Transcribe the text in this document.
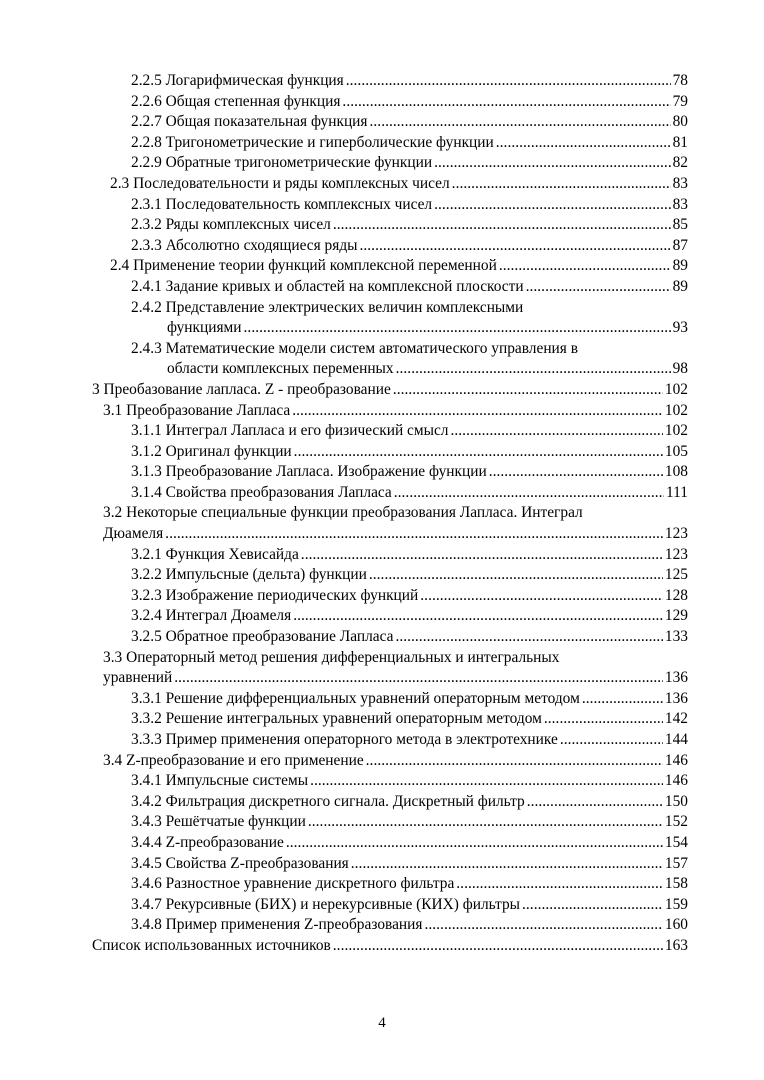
2.2.5 Логарифмическая функция . . .	78
2.2.6 Общая степенная функция . . .	79
2.2.7 Общая показательная функция . . .	80
2.2.8 Тригонометрические и гиперболические функции . . .	81
2.2.9 Обратные тригонометрические функции . . .	82
2.3 Последовательности и ряды комплексных чисел . . .	83
2.3.1 Последовательность комплексных чисел . . .	83
2.3.2 Ряды комплексных чисел . . .	85
2.3.3 Абсолютно сходящиеся ряды . . .	87
2.4 Применение теории функций комплексной переменной . . .	89
2.4.1 Задание кривых и областей на комплексной плоскости . . .	89
2.4.2 Представление электрических величин комплексными
функциями . . .	93
2.4.3 Математические модели систем автоматического управления в
области комплексных переменных . . .	98
3 Преобазование лапласа. Z - преобразование . . .	102
3.1 Преобразование Лапласа . . .	102
3.1.1 Интеграл Лапласа и его физический смысл . . .	102
3.1.2 Оригинал функции . . .	105
3.1.3 Преобразование Лапласа. Изображение функции . . .	108
3.1.4 Свойства преобразования Лапласа . . .	111
3.2 Некоторые специальные функции преобразования Лапласа. Интеграл
Дюамеля . . .	123
3.2.1 Функция Хевисайда . . .	123
3.2.2 Импульсные (дельта) функции . . .	125
3.2.3 Изображение периодических функций . . .	128
3.2.4 Интеграл Дюамеля . . .	129
3.2.5 Обратное преобразование Лапласа . . .	133
3.3 Операторный метод решения дифференциальных и интегральных
уравнений . . .	136
3.3.1 Решение дифференциальных уравнений операторным методом . . .	136
3.3.2 Решение интегральных уравнений операторным методом . . .	142
3.3.3 Пример применения операторного метода в электротехнике . . .	144
3.4 Z-преобразование и его применение . . .	146
3.4.1 Импульсные системы . . .	146
3.4.2 Фильтрация дискретного сигнала. Дискретный фильтр . . .	150
3.4.3 Решётчатые функции . . .	152
3.4.4 Z-преобразование . . .	154
3.4.5 Свойства Z-преобразования . . .	157
3.4.6 Разностное уравнение дискретного фильтра . . .	158
3.4.7 Рекурсивные (БИХ) и нерекурсивные (КИХ) фильтры . . .	159
3.4.8 Пример применения Z-преобразования . . .	160
Список использованных источников . . .	163
4
